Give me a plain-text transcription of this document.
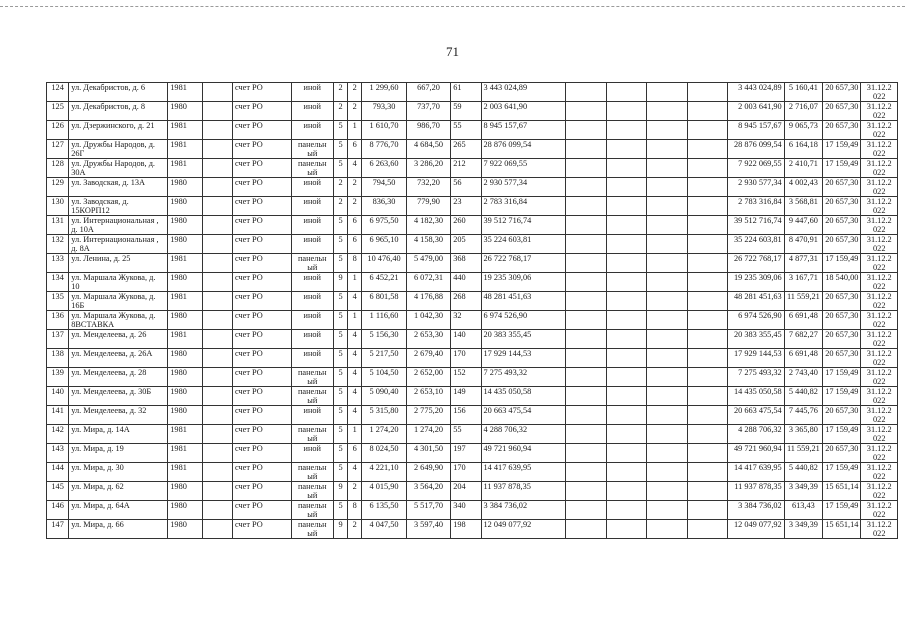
71
124	ул. Декабристов, д. 6	1981		счет РО	иной	2	2	1 299,60	667,20	61	3 443 024,89					3 443 024,89	5 160,41	20 657,30	31.12.2 022
125	ул. Декабристов, д. 8	1980		счет РО	иной	2	2	793,30	737,70	59	2 003 641,90					2 003 641,90	2 716,07	20 657,30	31.12.2 022
126	ул. Дзержинского, д. 21	1981		счет РО	иной	5	1	1 610,70	986,70	55	8 945 157,67					8 945 157,67	9 065,73	20 657,30	31.12.2 022
127	ул. Дружбы Народов, д. 26Г	1981		счет РО	панельн ый	5	6	8 776,70	4 684,50	265	28 876 099,54					28 876 099,54	6 164,18	17 159,49	31.12.2 022
128	ул. Дружбы Народов, д. 30А	1981		счет РО	панельн ый	5	4	6 263,60	3 286,20	212	7 922 069,55					7 922 069,55	2 410,71	17 159,49	31.12.2 022
129	ул. Заводская, д. 13А	1980		счет РО	иной	2	2	794,50	732,20	56	2 930 577,34					2 930 577,34	4 002,43	20 657,30	31.12.2 022
130	ул. Заводская, д. 15КОРП12	1980		счет РО	иной	2	2	836,30	779,90	23	2 783 316,84					2 783 316,84	3 568,81	20 657,30	31.12.2 022
131	ул. Интернациональная , д. 10А	1980		счет РО	иной	5	6	6 975,50	4 182,30	260	39 512 716,74					39 512 716,74	9 447,60	20 657,30	31.12.2 022
132	ул. Интернациональная , д. 8А	1980		счет РО	иной	5	6	6 965,10	4 158,30	205	35 224 603,81					35 224 603,81	8 470,91	20 657,30	31.12.2 022
133	ул. Ленина, д. 25	1981		счет РО	панельн ый	5	8	10 476,40	5 479,00	368	26 722 768,17					26 722 768,17	4 877,31	17 159,49	31.12.2 022
134	ул. Маршала Жукова, д. 10	1980		счет РО	иной	9	1	6 452,21	6 072,31	440	19 235 309,06					19 235 309,06	3 167,71	18 540,00	31.12.2 022
135	ул. Маршала Жукова, д. 16Б	1981		счет РО	иной	5	4	6 801,58	4 176,88	268	48 281 451,63					48 281 451,63	11 559,21	20 657,30	31.12.2 022
136	ул. Маршала Жукова, д. 8ВСТАВКА	1980		счет РО	иной	5	1	1 116,60	1 042,30	32	6 974 526,90					6 974 526,90	6 691,48	20 657,30	31.12.2 022
137	ул. Менделеева, д. 26	1981		счет РО	иной	5	4	5 156,30	2 653,30	140	20 383 355,45					20 383 355,45	7 682,27	20 657,30	31.12.2 022
138	ул. Менделеева, д. 26А	1980		счет РО	иной	5	4	5 217,50	2 679,40	170	17 929 144,53					17 929 144,53	6 691,48	20 657,30	31.12.2 022
139	ул. Менделеева, д. 28	1980		счет РО	панельн ый	5	4	5 104,50	2 652,00	152	7 275 493,32					7 275 493,32	2 743,40	17 159,49	31.12.2 022
140	ул. Менделеева, д. 30Б	1980		счет РО	панельн ый	5	4	5 090,40	2 653,10	149	14 435 050,58					14 435 050,58	5 440,82	17 159,49	31.12.2 022
141	ул. Менделеева, д. 32	1980		счет РО	иной	5	4	5 315,80	2 775,20	156	20 663 475,54					20 663 475,54	7 445,76	20 657,30	31.12.2 022
142	ул. Мира, д. 14А	1981		счет РО	панельн ый	5	1	1 274,20	1 274,20	55	4 288 706,32					4 288 706,32	3 365,80	17 159,49	31.12.2 022
143	ул. Мира, д. 19	1981		счет РО	иной	5	6	8 024,50	4 301,50	197	49 721 960,94					49 721 960,94	11 559,21	20 657,30	31.12.2 022
144	ул. Мира, д. 30	1981		счет РО	панельн ый	5	4	4 221,10	2 649,90	170	14 417 639,95					14 417 639,95	5 440,82	17 159,49	31.12.2 022
145	ул. Мира, д. 62	1980		счет РО	панельн ый	9	2	4 015,90	3 564,20	204	11 937 878,35					11 937 878,35	3 349,39	15 651,14	31.12.2 022
146	ул. Мира, д. 64А	1980		счет РО	панельн ый	5	8	6 135,50	5 517,70	340	3 384 736,02					3 384 736,02	613,43	17 159,49	31.12.2 022
147	ул. Мира, д. 66	1980		счет РО	панельн ый	9	2	4 047,50	3 597,40	198	12 049 077,92					12 049 077,92	3 349,39	15 651,14	31.12.2 022
